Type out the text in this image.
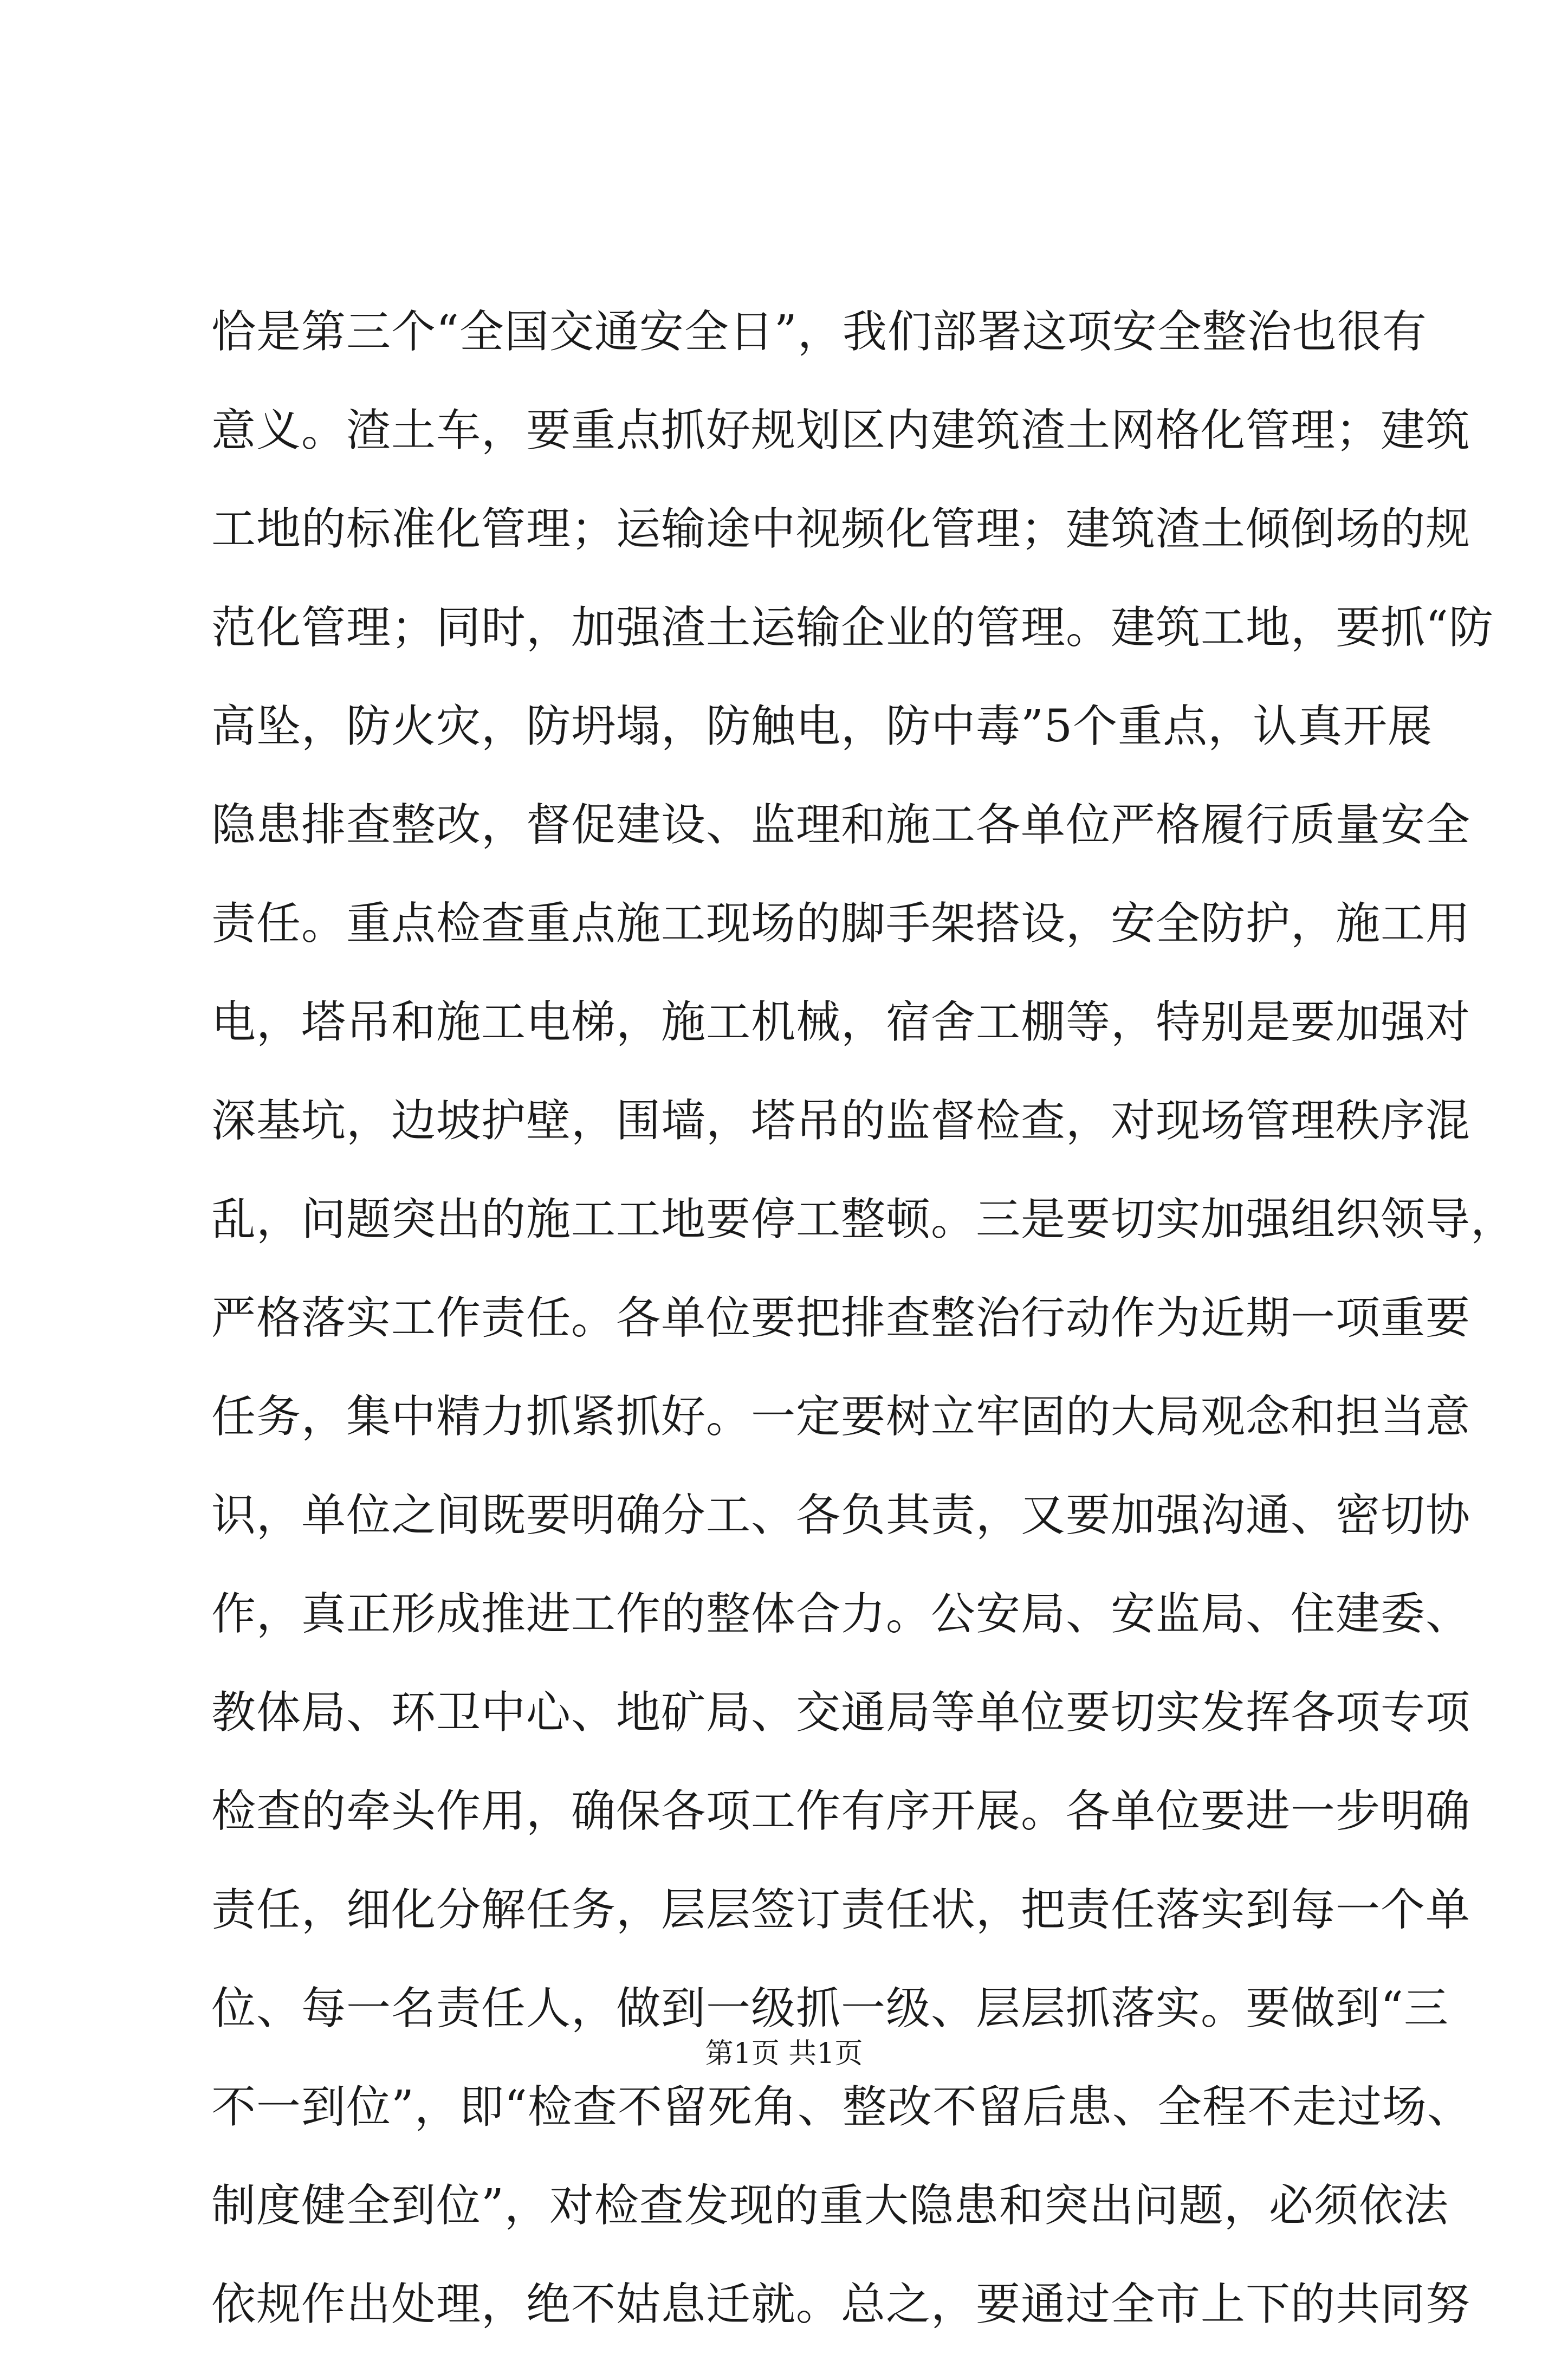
恰是第三个“全国交通安全日”，我们部署这项安全整治也很有
意义。渣土车，要重点抓好规划区内建筑渣土网格化管理；建筑
工地的标准化管理；运输途中视频化管理；建筑渣土倾倒场的规
范化管理；同时，加强渣土运输企业的管理。建筑工地，要抓“防
高坠，防火灾，防坍塌，防触电，防中毒”5个重点，认真开展
隐患排查整改，督促建设、监理和施工各单位严格履行质量安全
责任。重点检查重点施工现场的脚手架搭设，安全防护，施工用
电，塔吊和施工电梯，施工机械，宿舍工棚等，特别是要加强对
深基坑，边坡护壁，围墙，塔吊的监督检查，对现场管理秩序混
乱，问题突出的施工工地要停工整顿。三是要切实加强组织领导，
严格落实工作责任。各单位要把排查整治行动作为近期一项重要
任务，集中精力抓紧抓好。一定要树立牢固的大局观念和担当意
识，单位之间既要明确分工、各负其责，又要加强沟通、密切协
作，真正形成推进工作的整体合力。公安局、安监局、住建委、
教体局、环卫中心、地矿局、交通局等单位要切实发挥各项专项
检查的牵头作用，确保各项工作有序开展。各单位要进一步明确
责任，细化分解任务，层层签订责任状，把责任落实到每一个单
位、每一名责任人，做到一级抓一级、层层抓落实。要做到“三
不一到位”，即“检查不留死角、整改不留后患、全程不走过场、
制度健全到位”，对检查发现的重大隐患和突出问题，必须依法
依规作出处理，绝不姑息迁就。总之，要通过全市上下的共同努
第1页 共1页
